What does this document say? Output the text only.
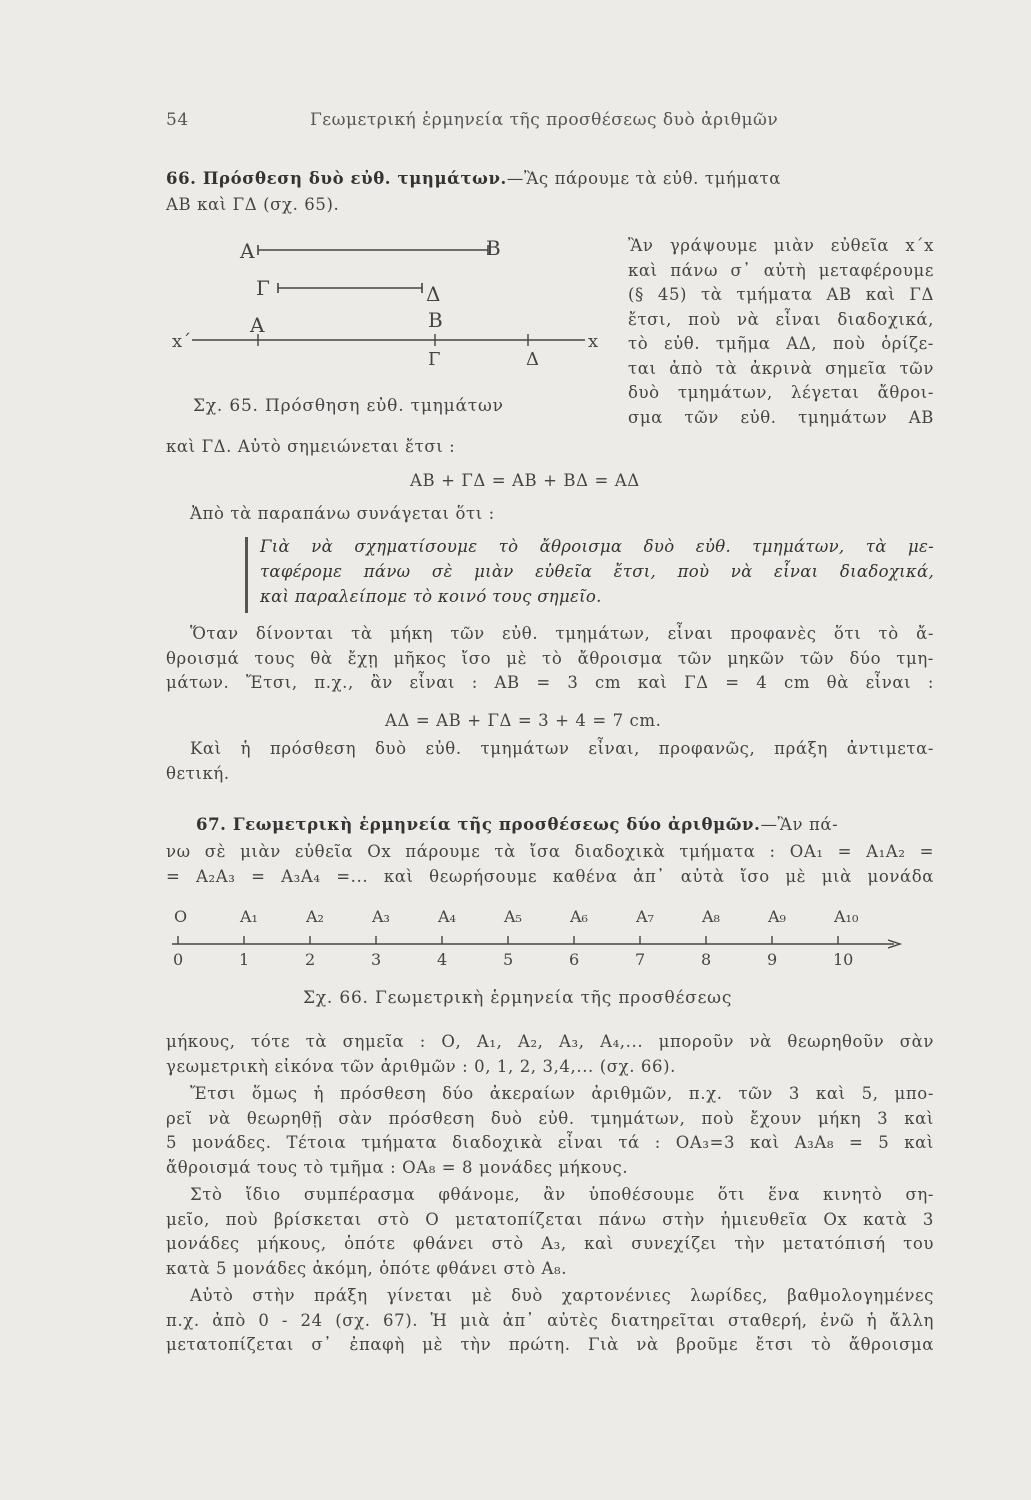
54	Γεωμετρική ἑρμηνεία τῆς προσθέσεως δυὸ ἀριθμῶν
66. Πρόσθεση δυὸ εὐθ. τμημάτων.—Ἂς πάρουμε τὰ εὐθ. τμήματα
ΑΒ καὶ ΓΔ (σχ. 65).
Α	Β
Γ	Δ
x΄	x
Α	Β
Γ	Δ
Σχ. 65. Πρόσθηση εὐθ. τμημάτων
Ἂν γράψουμε μιὰν εὐθεῖα x΄x
καὶ πάνω σ᾽ αὐτὴ μεταφέρουμε
(§ 45) τὰ τμήματα ΑΒ καὶ ΓΔ
ἔτσι, ποὺ νὰ εἶναι διαδοχικά,
τὸ εὐθ. τμῆμα ΑΔ, ποὺ ὁρίζε-
ται ἀπὸ τὰ ἀκρινὰ σημεῖα τῶν
δυὸ τμημάτων, λέγεται ἄθροι-
σμα τῶν εὐθ. τμημάτων ΑΒ
καὶ ΓΔ. Αὐτὸ σημειώνεται ἔτσι :
ΑΒ + ΓΔ = ΑΒ + ΒΔ = ΑΔ
Ἀπὸ τὰ παραπάνω συνάγεται ὅτι :
Γιὰ νὰ σχηματίσουμε τὸ ἄθροισμα δυὸ εὐθ. τμημάτων, τὰ με-
ταφέρομε πάνω σὲ μιὰν εὐθεῖα ἔτσι, ποὺ νὰ εἶναι διαδοχικά,
καὶ παραλείπομε τὸ κοινό τους σημεῖο.
Ὅταν δίνονται τὰ μήκη τῶν εὐθ. τμημάτων, εἶναι προφανὲς ὅτι τὸ ἄ-
θροισμά τους θὰ ἔχῃ μῆκος ἴσο μὲ τὸ ἄθροισμα τῶν μηκῶν τῶν δύο τμη-
μάτων. Ἔτσι, π.χ., ἂν εἶναι : ΑΒ = 3 cm καὶ ΓΔ = 4 cm θὰ εἶναι :
ΑΔ = ΑΒ + ΓΔ = 3 + 4 = 7 cm.
Καὶ ἡ πρόσθεση δυὸ εὐθ. τμημάτων εἶναι, προφανῶς, πράξη ἀντιμετα-
θετική.
67. Γεωμετρικὴ ἑρμηνεία τῆς προσθέσεως δύο ἀριθμῶν.—Ἂν πά-
νω σὲ μιὰν εὐθεῖα Οx πάρουμε τὰ ἴσα διαδοχικὰ τμήματα : ΟΑ₁ = Α₁Α₂ =
= Α₂Α₃ = Α₃Α₄ =... καὶ θεωρήσουμε καθένα ἀπ᾽ αὐτὰ ἴσο μὲ μιὰ μονάδα
Ο
0
Α₁
1
Α₂
2
Α₃
3
Α₄
4
Α₅
5
Α₆
6
Α₇
7
Α₈
8
Α₉
9
Α₁₀
10
Σχ. 66. Γεωμετρικὴ ἑρμηνεία τῆς προσθέσεως
μήκους, τότε τὰ σημεῖα : Ο, Α₁, Α₂, Α₃, Α₄,... μποροῦν νὰ θεωρηθοῦν σὰν
γεωμετρικὴ εἰκόνα τῶν ἀριθμῶν : 0, 1, 2, 3,4,... (σχ. 66).
Ἔτσι ὅμως ἡ πρόσθεση δύο ἀκεραίων ἀριθμῶν, π.χ. τῶν 3 καὶ 5, μπο-
ρεῖ νὰ θεωρηθῇ σὰν πρόσθεση δυὸ εὐθ. τμημάτων, ποὺ ἔχουν μήκη 3 καὶ
5 μονάδες. Τέτοια τμήματα διαδοχικὰ εἶναι τά : ΟΑ₃=3 καὶ Α₃Α₈ = 5 καὶ
ἄθροισμά τους τὸ τμῆμα : ΟΑ₈ = 8 μονάδες μήκους.
Στὸ ἴδιο συμπέρασμα φθάνομε, ἂν ὑποθέσουμε ὅτι ἕνα κινητὸ ση-
μεῖο, ποὺ βρίσκεται στὸ Ο μετατοπίζεται πάνω στὴν ἡμιευθεῖα Οx κατὰ 3
μονάδες μήκους, ὁπότε φθάνει στὸ Α₃, καὶ συνεχίζει τὴν μετατόπισή του
κατὰ 5 μονάδες ἀκόμη, ὁπότε φθάνει στὸ Α₈.
Αὐτὸ στὴν πράξη γίνεται μὲ δυὸ χαρτονένιες λωρίδες, βαθμολογημένες
π.χ. ἀπὸ 0 - 24 (σχ. 67). Ἡ μιὰ ἀπ᾽ αὐτὲς διατηρεῖται σταθερή, ἐνῶ ἡ ἄλλη
μετατοπίζεται σ᾽ ἐπαφὴ μὲ τὴν πρώτη. Γιὰ νὰ βροῦμε ἔτσι τὸ ἄθροισμα
